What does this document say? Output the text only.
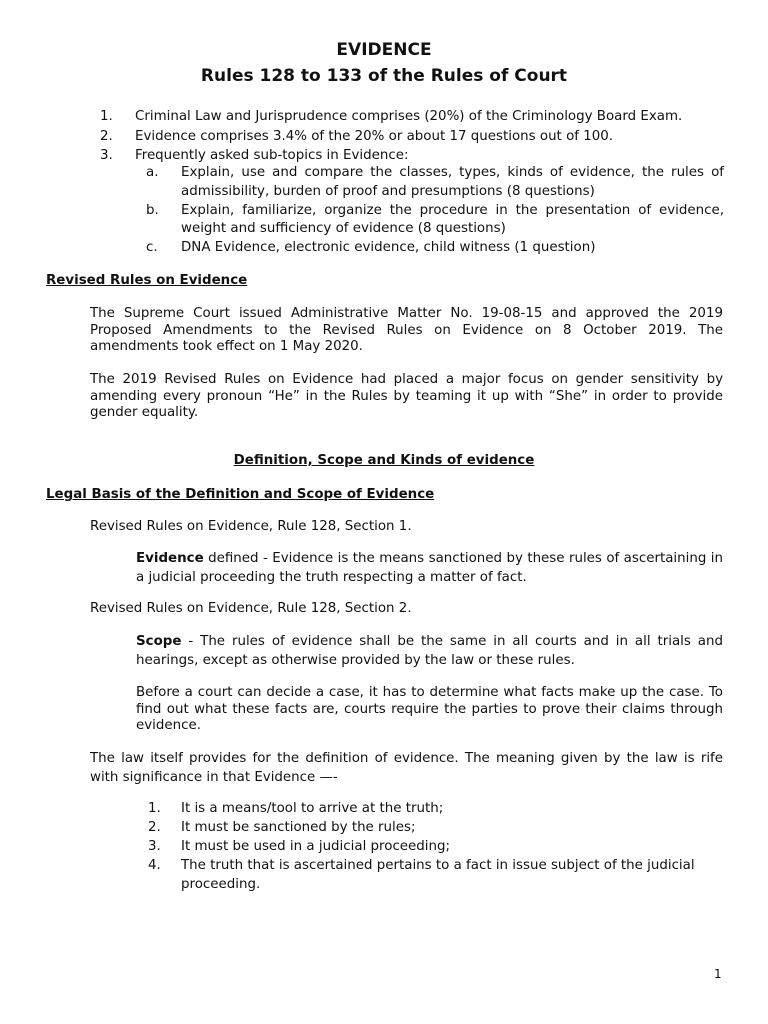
EVIDENCE
Rules 128 to 133 of the Rules of Court
1. Criminal Law and Jurisprudence comprises (20%) of the Criminology Board Exam.
2. Evidence comprises 3.4% of the 20% or about 17 questions out of 100.
3. Frequently asked sub-topics in Evidence:
a. Explain, use and compare the classes, types, kinds of evidence, the rules of admissibility, burden of proof and presumptions (8 questions)
b. Explain, familiarize, organize the procedure in the presentation of evidence, weight and sufficiency of evidence (8 questions)
c. DNA Evidence, electronic evidence, child witness (1 question)
Revised Rules on Evidence

The Supreme Court issued Administrative Matter No. 19-08-15 and approved the 2019 Proposed Amendments to the Revised Rules on Evidence on 8 October 2019. The amendments took effect on 1 May 2020.

The 2019 Revised Rules on Evidence had placed a major focus on gender sensitivity by amending every pronoun “He” in the Rules by teaming it up with “She” in order to provide gender equality.

Definition, Scope and Kinds of evidence
Legal Basis of the Definition and Scope of Evidence

Revised Rules on Evidence, Rule 128, Section 1.

Evidence defined - Evidence is the means sanctioned by these rules of ascertaining in a judicial proceeding the truth respecting a matter of fact.

Revised Rules on Evidence, Rule 128, Section 2.

Scope - The rules of evidence shall be the same in all courts and in all trials and hearings, except as otherwise provided by the law or these rules.

Before a court can decide a case, it has to determine what facts make up the case. To find out what these facts are, courts require the parties to prove their claims through evidence.

The law itself provides for the definition of evidence. The meaning given by the law is rife with significance in that Evidence —-

1. It is a means/tool to arrive at the truth;
2. It must be sanctioned by the rules;
3. It must be used in a judicial proceeding;
4. The truth that is ascertained pertains to a fact in issue subject of the judicial proceeding.
1
